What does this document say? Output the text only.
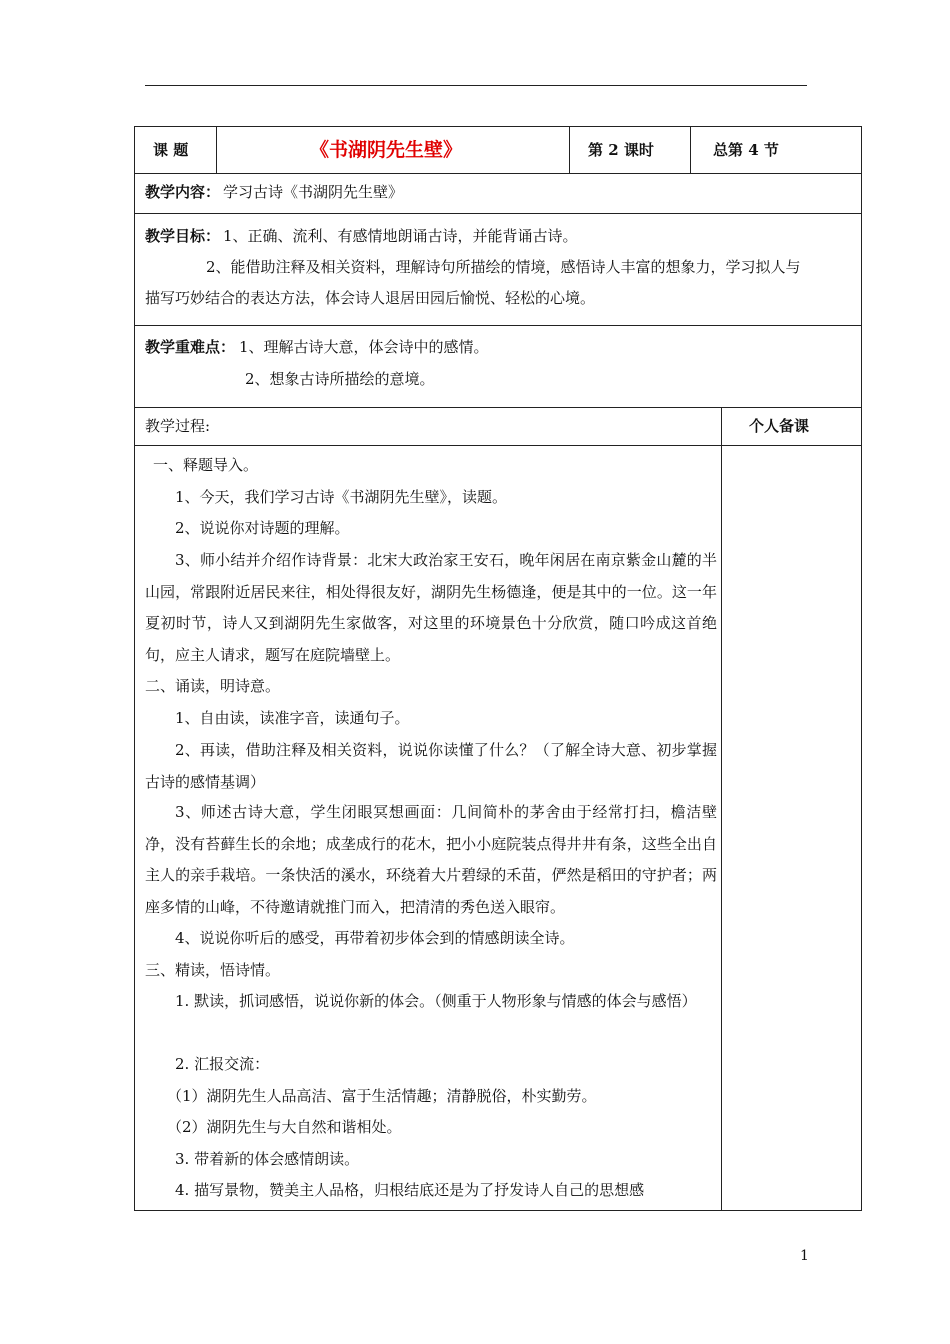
课 题	《书湖阴先生壁》	第 2 课时	总第 4 节
教学内容： 学习古诗《书湖阴先生壁》
教学目标： 1、正确、流利、有感情地朗诵古诗，并能背诵古诗。
2、能借助注释及相关资料，理解诗句所描绘的情境，感悟诗人丰富的想象力，学习拟人与
描写巧妙结合的表达方法，体会诗人退居田园后愉悦、轻松的心境。
教学重难点： 1、理解古诗大意，体会诗中的感情。
2、想象古诗所描绘的意境。
教学过程:	个人备课
一、释题导入。
1、今天，我们学习古诗《书湖阴先生壁》，读题。
2、说说你对诗题的理解。
3、师小结并介绍作诗背景：北宋大政治家王安石，晚年闲居在南京紫金山麓的半山园，常跟附近居民来往，相处得很友好，湖阴先生杨德逢，便是其中的一位。这一年夏初时节，诗人又到湖阴先生家做客，对这里的环境景色十分欣赏，随口吟成这首绝句，应主人请求，题写在庭院墙壁上。
二、诵读，明诗意。
1、自由读，读准字音，读通句子。
2、再读，借助注释及相关资料，说说你读懂了什么？（了解全诗大意、初步掌握古诗的感情基调）
3、师述古诗大意，学生闭眼冥想画面：几间简朴的茅舍由于经常打扫，檐洁壁净，没有苔藓生长的余地；成垄成行的花木，把小小庭院装点得井井有条，这些全出自主人的亲手栽培。一条快活的溪水，环绕着大片碧绿的禾苗，俨然是稻田的守护者；两座多情的山峰，不待邀请就推门而入，把清清的秀色送入眼帘。
4、说说你听后的感受，再带着初步体会到的情感朗读全诗。
三、精读，悟诗情。
1. 默读，抓词感悟，说说你新的体会。（侧重于人物形象与情感的体会与感悟）
2. 汇报交流：
（1）湖阴先生人品高洁、富于生活情趣；清静脱俗，朴实勤劳。
（2）湖阴先生与大自然和谐相处。
3. 带着新的体会感情朗读。
4. 描写景物，赞美主人品格，归根结底还是为了抒发诗人自己的思想感
1
